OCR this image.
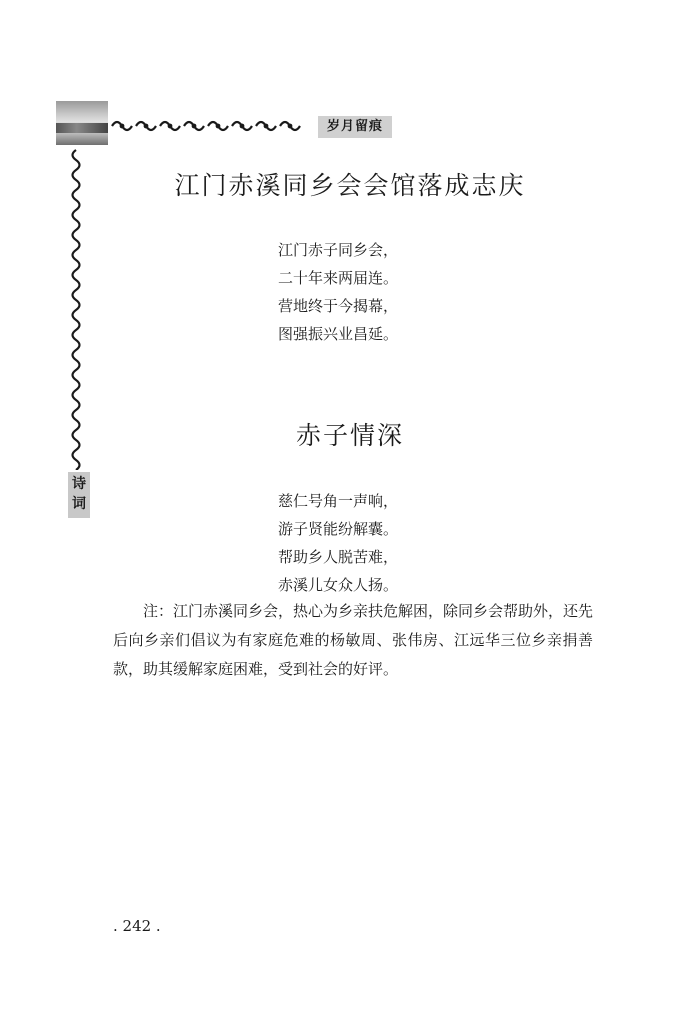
岁月留痕
诗
词
江门赤溪同乡会会馆落成志庆
江门赤子同乡会，
二十年来两届连。
营地终于今揭幕，
图强振兴业昌延。
赤子情深
慈仁号角一声响，
游子贤能纷解囊。
帮助乡人脱苦难，
赤溪儿女众人扬。
注：江门赤溪同乡会，热心为乡亲扶危解困，除同乡会帮助外，还先后向乡亲们倡议为有家庭危难的杨敏周、张伟房、江远华三位乡亲捐善款，助其缓解家庭困难，受到社会的好评。
. 242 .
